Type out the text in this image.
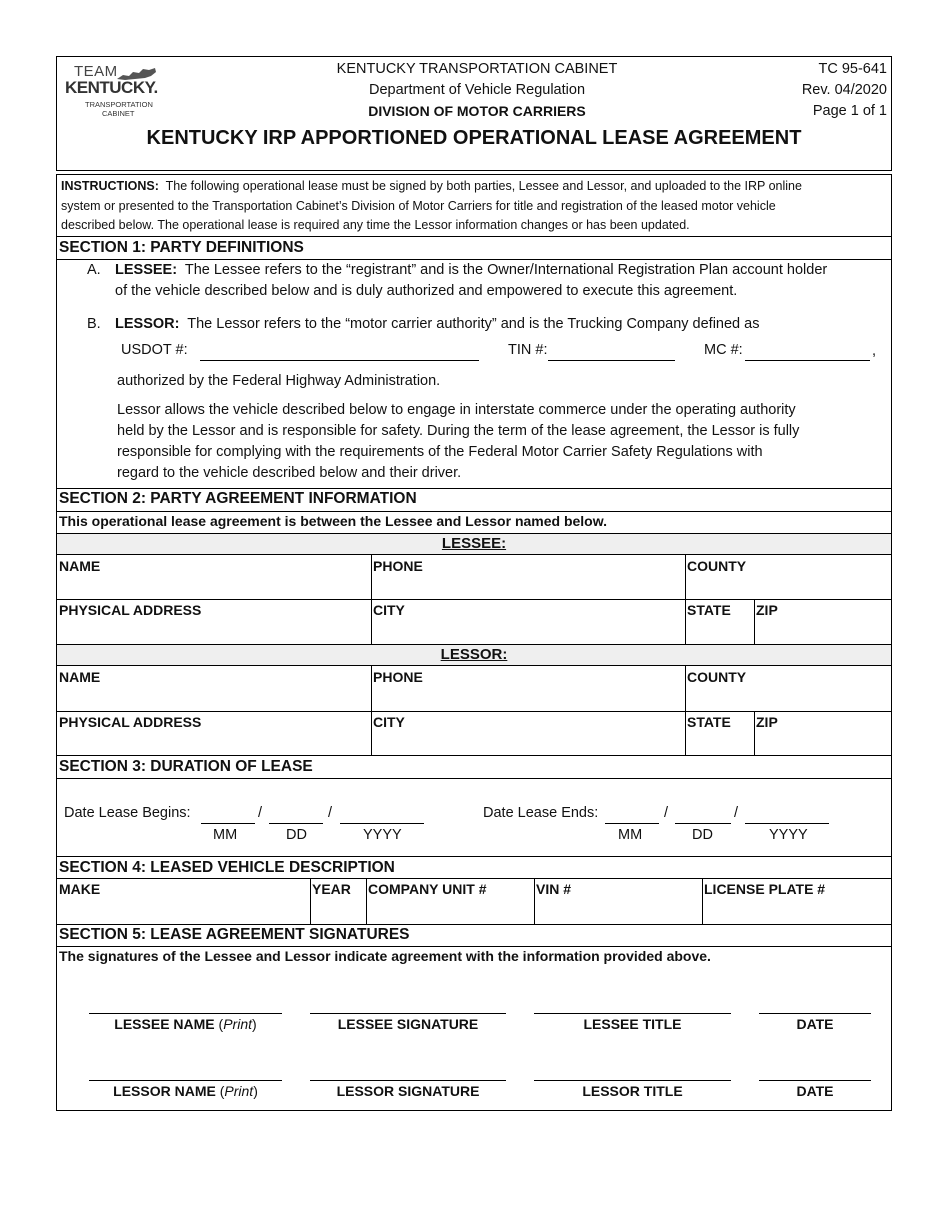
TEAM
KENTUCKY.
TRANSPORTATION
CABINET
KENTUCKY TRANSPORTATION CABINET
Department of Vehicle Regulation
DIVISION OF MOTOR CARRIERS
TC 95-641
Rev. 04/2020
Page 1 of 1
KENTUCKY IRP APPORTIONED OPERATIONAL LEASE AGREEMENT
INSTRUCTIONS: The following operational lease must be signed by both parties, Lessee and Lessor, and uploaded to the IRP online
system or presented to the Transportation Cabinet’s Division of Motor Carriers for title and registration of the leased motor vehicle
described below. The operational lease is required any time the Lessor information changes or has been updated.
SECTION 1: PARTY DEFINITIONS
A. LESSEE: The Lessee refers to the “registrant” and is the Owner/International Registration Plan account holder
of the vehicle described below and is duly authorized and empowered to execute this agreement.
B. LESSOR: The Lessor refers to the “motor carrier authority” and is the Trucking Company defined as
USDOT #:	TIN #:	MC #:	,
authorized by the Federal Highway Administration.
Lessor allows the vehicle described below to engage in interstate commerce under the operating authority
held by the Lessor and is responsible for safety. During the term of the lease agreement, the Lessor is fully
responsible for complying with the requirements of the Federal Motor Carrier Safety Regulations with
regard to the vehicle described below and their driver.
SECTION 2: PARTY AGREEMENT INFORMATION
This operational lease agreement is between the Lessee and Lessor named below.
LESSEE:
NAME	PHONE	COUNTY
PHYSICAL ADDRESS	CITY	STATE ZIP
LESSOR:
NAME	PHONE	COUNTY
PHYSICAL ADDRESS	CITY	STATE ZIP
SECTION 3: DURATION OF LEASE
Date Lease Begins:	/	/
MM	DD	YYYY
Date Lease Ends:	/	/
MM	DD	YYYY
SECTION 4: LEASED VEHICLE DESCRIPTION
MAKE	YEAR COMPANY UNIT #	VIN #	LICENSE PLATE #
SECTION 5: LEASE AGREEMENT SIGNATURES
The signatures of the Lessee and Lessor indicate agreement with the information provided above.
LESSEE NAME (Print)	LESSEE SIGNATURE	LESSEE TITLE	DATE
LESSOR NAME (Print)	LESSOR SIGNATURE	LESSOR TITLE	DATE
